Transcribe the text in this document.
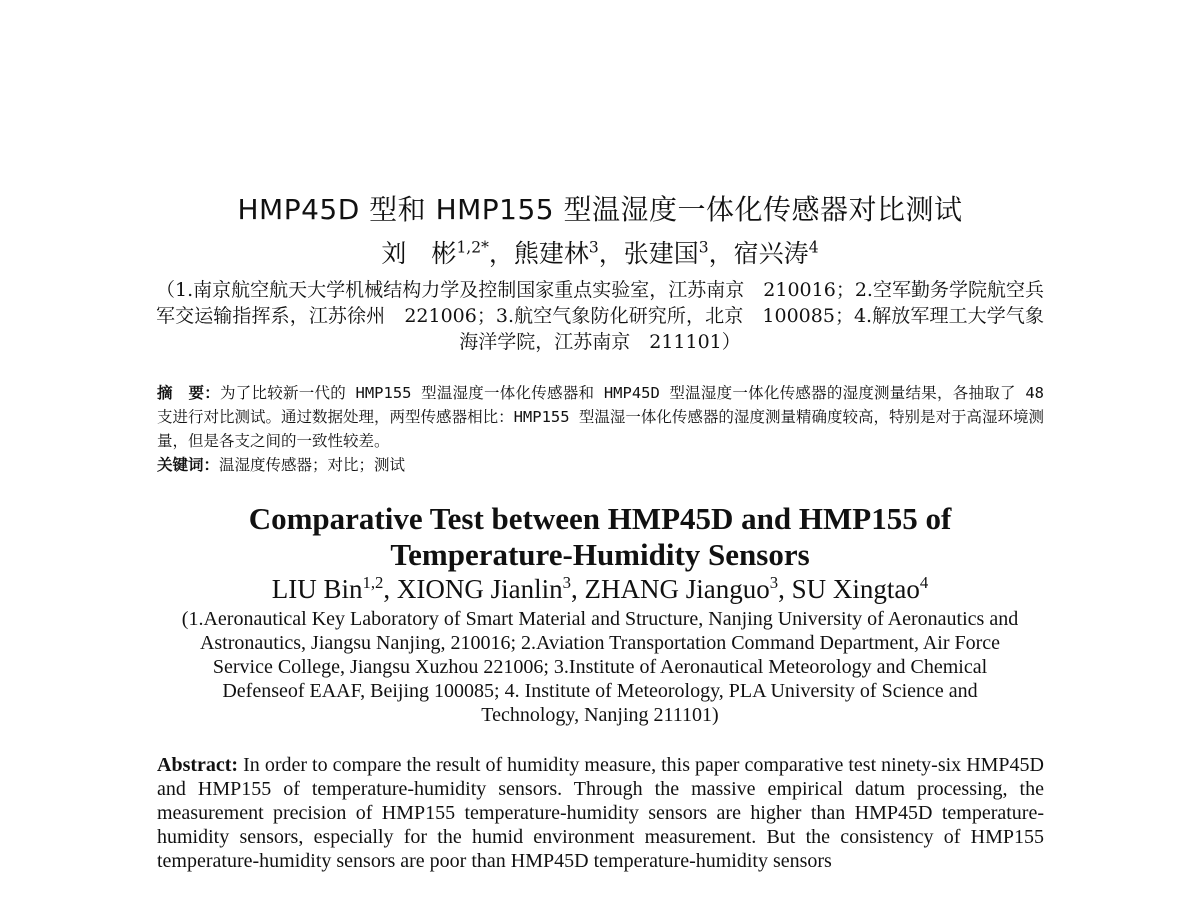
HMP45D 型和 HMP155 型温湿度一体化传感器对比测试
刘　彬$^{1,2*}$，熊建林$^3$，张建国$^3$，宿兴涛$^4$
（1.南京航空航天大学机械结构力学及控制国家重点实验室，江苏南京　210016；2.空军勤务学院航空兵军交运输指挥系，江苏徐州　221006；3.航空气象防化研究所，北京　100085；4.解放军理工大学气象海洋学院，江苏南京　211101）
摘　要：为了比较新一代的 HMP155 型温湿度一体化传感器和 HMP45D 型温湿度一体化传感器的湿度测量结果，各抽取了 48 支进行对比测试。通过数据处理，两型传感器相比：HMP155 型温湿一体化传感器的湿度测量精确度较高，特别是对于高湿环境测量，但是各支之间的一致性较差。
关键词：温湿度传感器；对比；测试
Comparative Test between HMP45D and HMP155 of
Temperature-Humidity Sensors
LIU Bin$^{1,2}$, XIONG Jianlin$^3$, ZHANG Jianguo$^3$, SU Xingtao$^4$
(1.Aeronautical Key Laboratory of Smart Material and Structure, Nanjing University of Aeronautics and
Astronautics, Jiangsu Nanjing, 210016; 2.Aviation Transportation Command Department, Air Force
Service College, Jiangsu Xuzhou 221006; 3.Institute of Aeronautical Meteorology and Chemical
Defenseof EAAF, Beijing 100085; 4. Institute of Meteorology, PLA University of Science and
Technology, Nanjing 211101)
Abstract: In order to compare the result of humidity measure, this paper comparative test ninety-six HMP45D and HMP155 of temperature-humidity sensors. Through the massive empirical datum processing, the measurement precision of HMP155 temperature-humidity sensors are higher than HMP45D temperature-humidity sensors, especially for the humid environment measurement. But the consistency of HMP155 temperature-humidity sensors are poor than HMP45D temperature-humidity sensors
